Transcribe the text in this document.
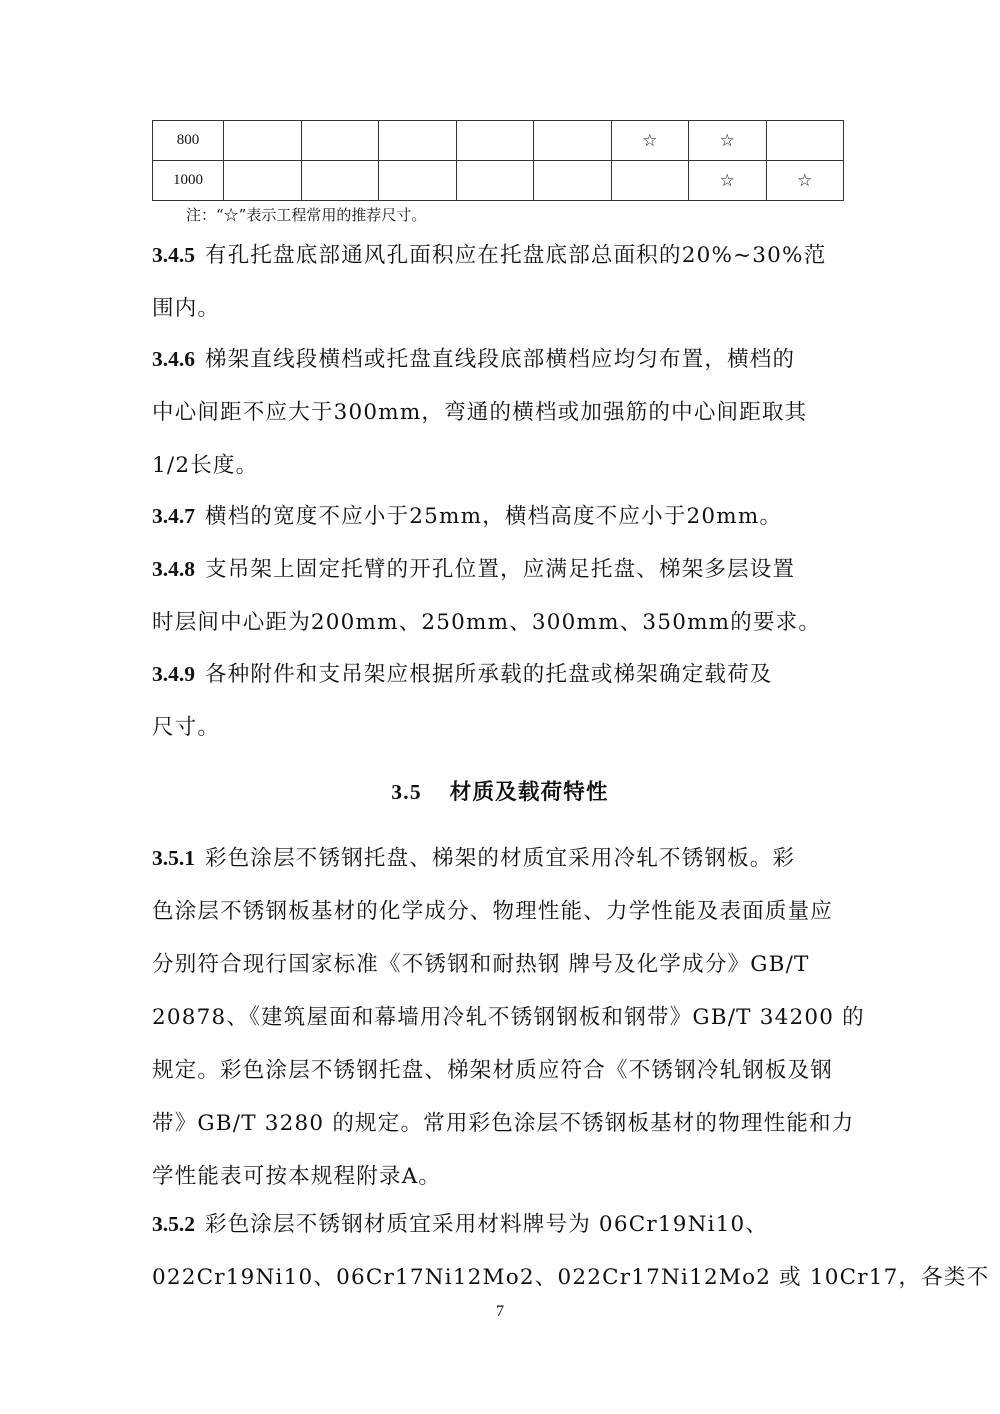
800						☆	☆	
1000							☆	☆
注：“☆”表示工程常用的推荐尺寸。
3.4.5 有孔托盘底部通风孔面积应在托盘底部总面积的20%~30%范
围内。
3.4.6 梯架直线段横档或托盘直线段底部横档应均匀布置，横档的
中心间距不应大于300mm，弯通的横档或加强筋的中心间距取其
1/2长度。
3.4.7 横档的宽度不应小于25mm，横档高度不应小于20mm。
3.4.8 支吊架上固定托臂的开孔位置，应满足托盘、梯架多层设置
时层间中心距为200mm、250mm、300mm、350mm的要求。
3.4.9 各种附件和支吊架应根据所承载的托盘或梯架确定载荷及
尺寸。
3.5 材质及载荷特性
3.5.1 彩色涂层不锈钢托盘、梯架的材质宜采用冷轧不锈钢板。彩
色涂层不锈钢板基材的化学成分、物理性能、力学性能及表面质量应
分别符合现行国家标准《不锈钢和耐热钢 牌号及化学成分》GB/T
20878、《建筑屋面和幕墙用冷轧不锈钢钢板和钢带》GB/T 34200 的
规定。彩色涂层不锈钢托盘、梯架材质应符合《不锈钢冷轧钢板及钢
带》GB/T 3280 的规定。常用彩色涂层不锈钢板基材的物理性能和力
学性能表可按本规程附录A。
3.5.2 彩色涂层不锈钢材质宜采用材料牌号为 06Cr19Ni10、
022Cr19Ni10、06Cr17Ni12Mo2、022Cr17Ni12Mo2 或 10Cr17，各类不
7
